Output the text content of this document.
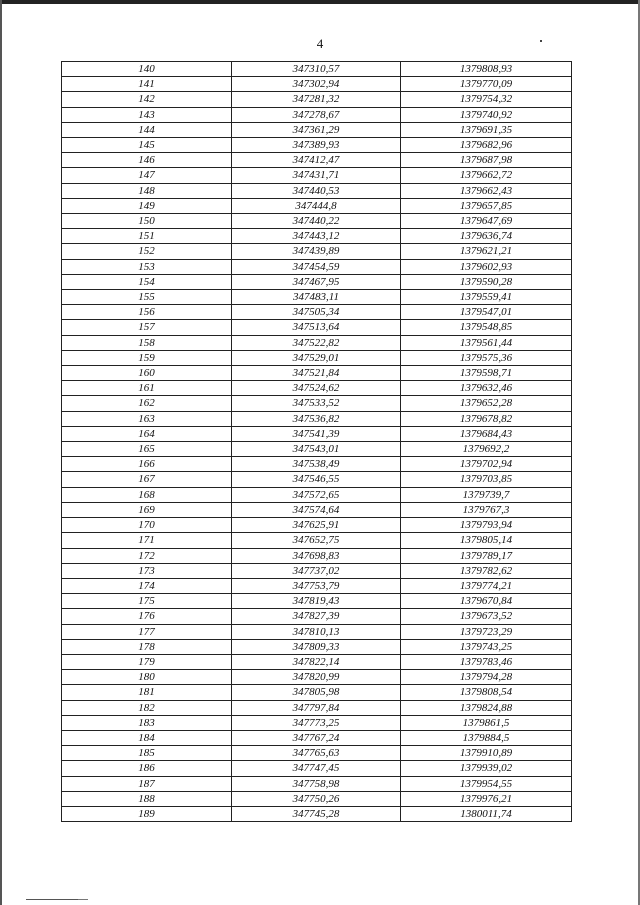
4
140	347310,57	1379808,93
141	347302,94	1379770,09
142	347281,32	1379754,32
143	347278,67	1379740,92
144	347361,29	1379691,35
145	347389,93	1379682,96
146	347412,47	1379687,98
147	347431,71	1379662,72
148	347440,53	1379662,43
149	347444,8	1379657,85
150	347440,22	1379647,69
151	347443,12	1379636,74
152	347439,89	1379621,21
153	347454,59	1379602,93
154	347467,95	1379590,28
155	347483,11	1379559,41
156	347505,34	1379547,01
157	347513,64	1379548,85
158	347522,82	1379561,44
159	347529,01	1379575,36
160	347521,84	1379598,71
161	347524,62	1379632,46
162	347533,52	1379652,28
163	347536,82	1379678,82
164	347541,39	1379684,43
165	347543,01	1379692,2
166	347538,49	1379702,94
167	347546,55	1379703,85
168	347572,65	1379739,7
169	347574,64	1379767,3
170	347625,91	1379793,94
171	347652,75	1379805,14
172	347698,83	1379789,17
173	347737,02	1379782,62
174	347753,79	1379774,21
175	347819,43	1379670,84
176	347827,39	1379673,52
177	347810,13	1379723,29
178	347809,33	1379743,25
179	347822,14	1379783,46
180	347820,99	1379794,28
181	347805,98	1379808,54
182	347797,84	1379824,88
183	347773,25	1379861,5
184	347767,24	1379884,5
185	347765,63	1379910,89
186	347747,45	1379939,02
187	347758,98	1379954,55
188	347750,26	1379976,21
189	347745,28	1380011,74
